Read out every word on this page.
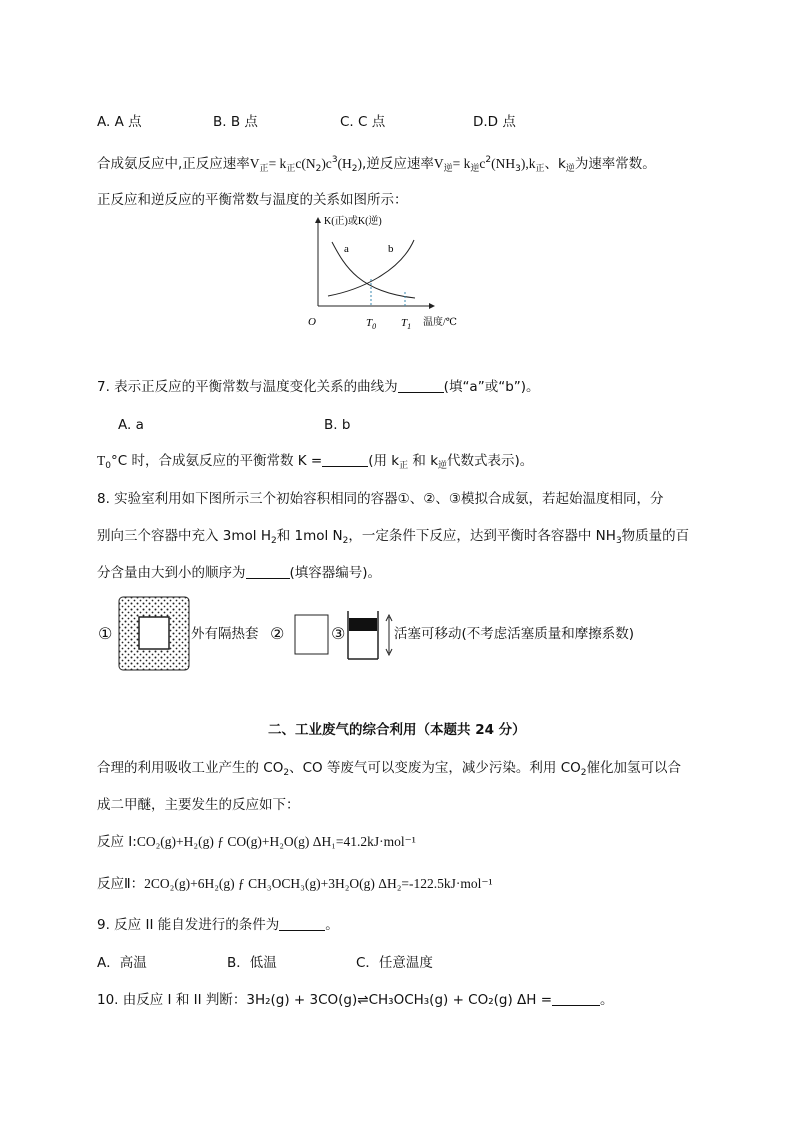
A. A 点	B. B 点	C. C 点	D.D 点
合成氨反应中,正反应速率$V_正= k_正c(N_2)c^3(H_2)$,逆反应速率$V_逆= k_逆c^2(NH_3),k_正$、$k_逆$为速率常数。
正反应和逆反应的平衡常数与温度的关系如图所示：
K(正)或K(逆)
a	b
O	$T_0$ $T_1$ 温度/℃
7. 表示正反应的平衡常数与温度变化关系的曲线为	(填“a”或“b”)。
A. a	B. b
$T_0^\circ C$ 时，合成氨反应的平衡常数 K =	(用 $k_正$ 和 $k_逆$代数式表示)。
8. 实验室利用如下图所示三个初始容积相同的容器①、②、③模拟合成氨，若起始温度相同，分
别向三个容器中充入 3mol $H_2$和 1mol $N_2$，一定条件下反应，达到平衡时各容器中 $NH_3$物质量的百
分含量由大到小的顺序为	(填容器编号)。
①	外有隔热套 ②	③	活塞可移动(不考虑活塞质量和摩擦系数)
二、工业废气的综合利用（本题共 24 分）
合理的利用吸收工业产生的 $CO_2$、CO 等废气可以变废为宝，减少污染。利用 $CO_2$催化加氢可以合
成二甲醚，主要发生的反应如下：
反应 I:CO₂(g)+H₂(g) ƒ CO(g)+H₂O(g) ΔH₁=41.2kJ·mol⁻¹
反应Ⅱ：2CO₂(g)+6H₂(g) ƒ CH₃OCH₃(g)+3H₂O(g) ΔH₂=-122.5kJ·mol⁻¹
9. 反应 II 能自发进行的条件为	。
A．高温	B．低温	C．任意温度
10. 由反应 I 和 II 判断：3H₂(g) + 3CO(g)⇌CH₃OCH₃(g) + CO₂(g) ΔH =	。
